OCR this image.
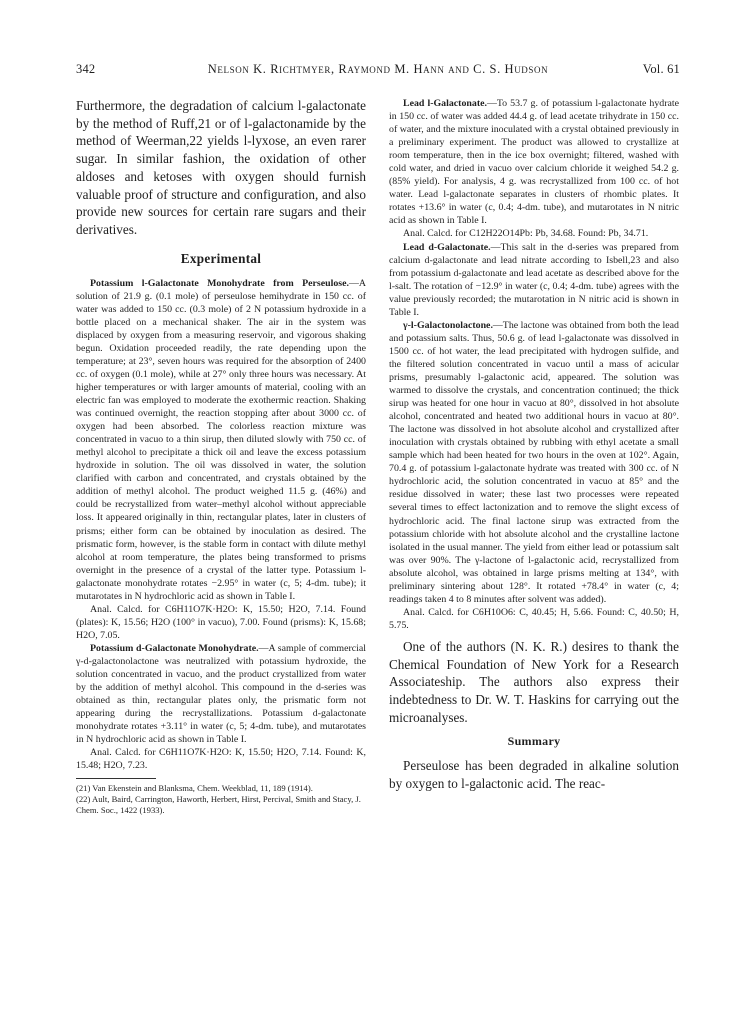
342	Nelson K. Richtmyer, Raymond M. Hann and C. S. Hudson	Vol. 61

Furthermore, the degradation of calcium l-galactonate by the method of Ruff,21 or of l-galactonamide by the method of Weerman,22 yields l-lyxose, an even rarer sugar. In similar fashion, the oxidation of other aldoses and ketoses with oxygen should furnish valuable proof of structure and configuration, and also provide new sources for certain rare sugars and their derivatives.

Experimental

Potassium l-Galactonate Monohydrate from Perseulose.—A solution of 21.9 g. (0.1 mole) of perseulose hemihydrate in 150 cc. of water was added to 150 cc. (0.3 mole) of 2 N potassium hydroxide in a bottle placed on a mechanical shaker. The air in the system was displaced by oxygen from a measuring reservoir, and vigorous shaking begun. Oxidation proceeded readily, the rate depending upon the temperature; at 23°, seven hours was required for the absorption of 2400 cc. of oxygen (0.1 mole), while at 27° only three hours was necessary. At higher temperatures or with larger amounts of material, cooling with an electric fan was employed to moderate the exothermic reaction. Shaking was continued overnight, the reaction stopping after about 3000 cc. of oxygen had been absorbed. The colorless reaction mixture was concentrated in vacuo to a thin sirup, then diluted slowly with 750 cc. of methyl alcohol to precipitate a thick oil and leave the excess potassium hydroxide in solution. The oil was dissolved in water, the solution clarified with carbon and concentrated, and crystals obtained by the addition of methyl alcohol. The product weighed 11.5 g. (46%) and could be recrystallized from water–methyl alcohol without appreciable loss. It appeared originally in thin, rectangular plates, later in clusters of prisms; either form can be obtained by inoculation as desired. The prismatic form, however, is the stable form in contact with dilute methyl alcohol at room temperature, the plates being transformed to prisms overnight in the presence of a crystal of the latter type. Potassium l-galactonate monohydrate rotates −2.95° in water (c, 5; 4-dm. tube); it mutarotates in N hydrochloric acid as shown in Table I.

Anal. Calcd. for C6H11O7K·H2O: K, 15.50; H2O, 7.14. Found (plates): K, 15.56; H2O (100° in vacuo), 7.00. Found (prisms): K, 15.68; H2O, 7.05.

Potassium d-Galactonate Monohydrate.—A sample of commercial γ-d-galactonolactone was neutralized with potassium hydroxide, the solution concentrated in vacuo, and the product crystallized from water by the addition of methyl alcohol. This compound in the d-series was obtained as thin, rectangular plates only, the prismatic form not appearing during the recrystallizations. Potassium d-galactonate monohydrate rotates +3.11° in water (c, 5; 4-dm. tube), and mutarotates in N hydrochloric acid as shown in Table I.

Anal. Calcd. for C6H11O7K·H2O: K, 15.50; H2O, 7.14. Found: K, 15.48; H2O, 7.23.

(21) Van Ekenstein and Blanksma, Chem. Weekblad, 11, 189 (1914).

(22) Ault, Baird, Carrington, Haworth, Herbert, Hirst, Percival, Smith and Stacy, J. Chem. Soc., 1422 (1933).

Lead l-Galactonate.—To 53.7 g. of potassium l-galactonate hydrate in 150 cc. of water was added 44.4 g. of lead acetate trihydrate in 150 cc. of water, and the mixture inoculated with a crystal obtained previously in a preliminary experiment. The product was allowed to crystallize at room temperature, then in the ice box overnight; filtered, washed with cold water, and dried in vacuo over calcium chloride it weighed 54.2 g. (85% yield). For analysis, 4 g. was recrystallized from 100 cc. of hot water. Lead l-galactonate separates in clusters of rhombic plates. It rotates +13.6° in water (c, 0.4; 4-dm. tube), and mutarotates in N nitric acid as shown in Table I.

Anal. Calcd. for C12H22O14Pb: Pb, 34.68. Found: Pb, 34.71.

Lead d-Galactonate.—This salt in the d-series was prepared from calcium d-galactonate and lead nitrate according to Isbell,23 and also from potassium d-galactonate and lead acetate as described above for the l-salt. The rotation of −12.9° in water (c, 0.4; 4-dm. tube) agrees with the value previously recorded; the mutarotation in N nitric acid is shown in Table I.

γ-l-Galactonolactone.—The lactone was obtained from both the lead and potassium salts. Thus, 50.6 g. of lead l-galactonate was dissolved in 1500 cc. of hot water, the lead precipitated with hydrogen sulfide, and the filtered solution concentrated in vacuo until a mass of acicular prisms, presumably l-galactonic acid, appeared. The solution was warmed to dissolve the crystals, and concentration continued; the thick sirup was heated for one hour in vacuo at 80°, dissolved in hot absolute alcohol, concentrated and heated two additional hours in vacuo at 80°. The lactone was dissolved in hot absolute alcohol and crystallized after inoculation with crystals obtained by rubbing with ethyl acetate a small sample which had been heated for two hours in the oven at 102°. Again, 70.4 g. of potassium l-galactonate hydrate was treated with 300 cc. of N hydrochloric acid, the solution concentrated in vacuo at 85° and the residue dissolved in water; these last two processes were repeated several times to effect lactonization and to remove the slight excess of hydrochloric acid. The final lactone sirup was extracted from the potassium chloride with hot absolute alcohol and the crystalline lactone isolated in the usual manner. The yield from either lead or potassium salt was over 90%. The γ-lactone of l-galactonic acid, recrystallized from absolute alcohol, was obtained in large prisms melting at 134°, with preliminary sintering about 128°. It rotated +78.4° in water (c, 4; readings taken 4 to 8 minutes after solvent was added).

Anal. Calcd. for C6H10O6: C, 40.45; H, 5.66. Found: C, 40.50; H, 5.75.

One of the authors (N. K. R.) desires to thank the Chemical Foundation of New York for a Research Associateship. The authors also express their indebtedness to Dr. W. T. Haskins for carrying out the microanalyses.

Summary

Perseulose has been degraded in alkaline solution by oxygen to l-galactonic acid. The reac-
